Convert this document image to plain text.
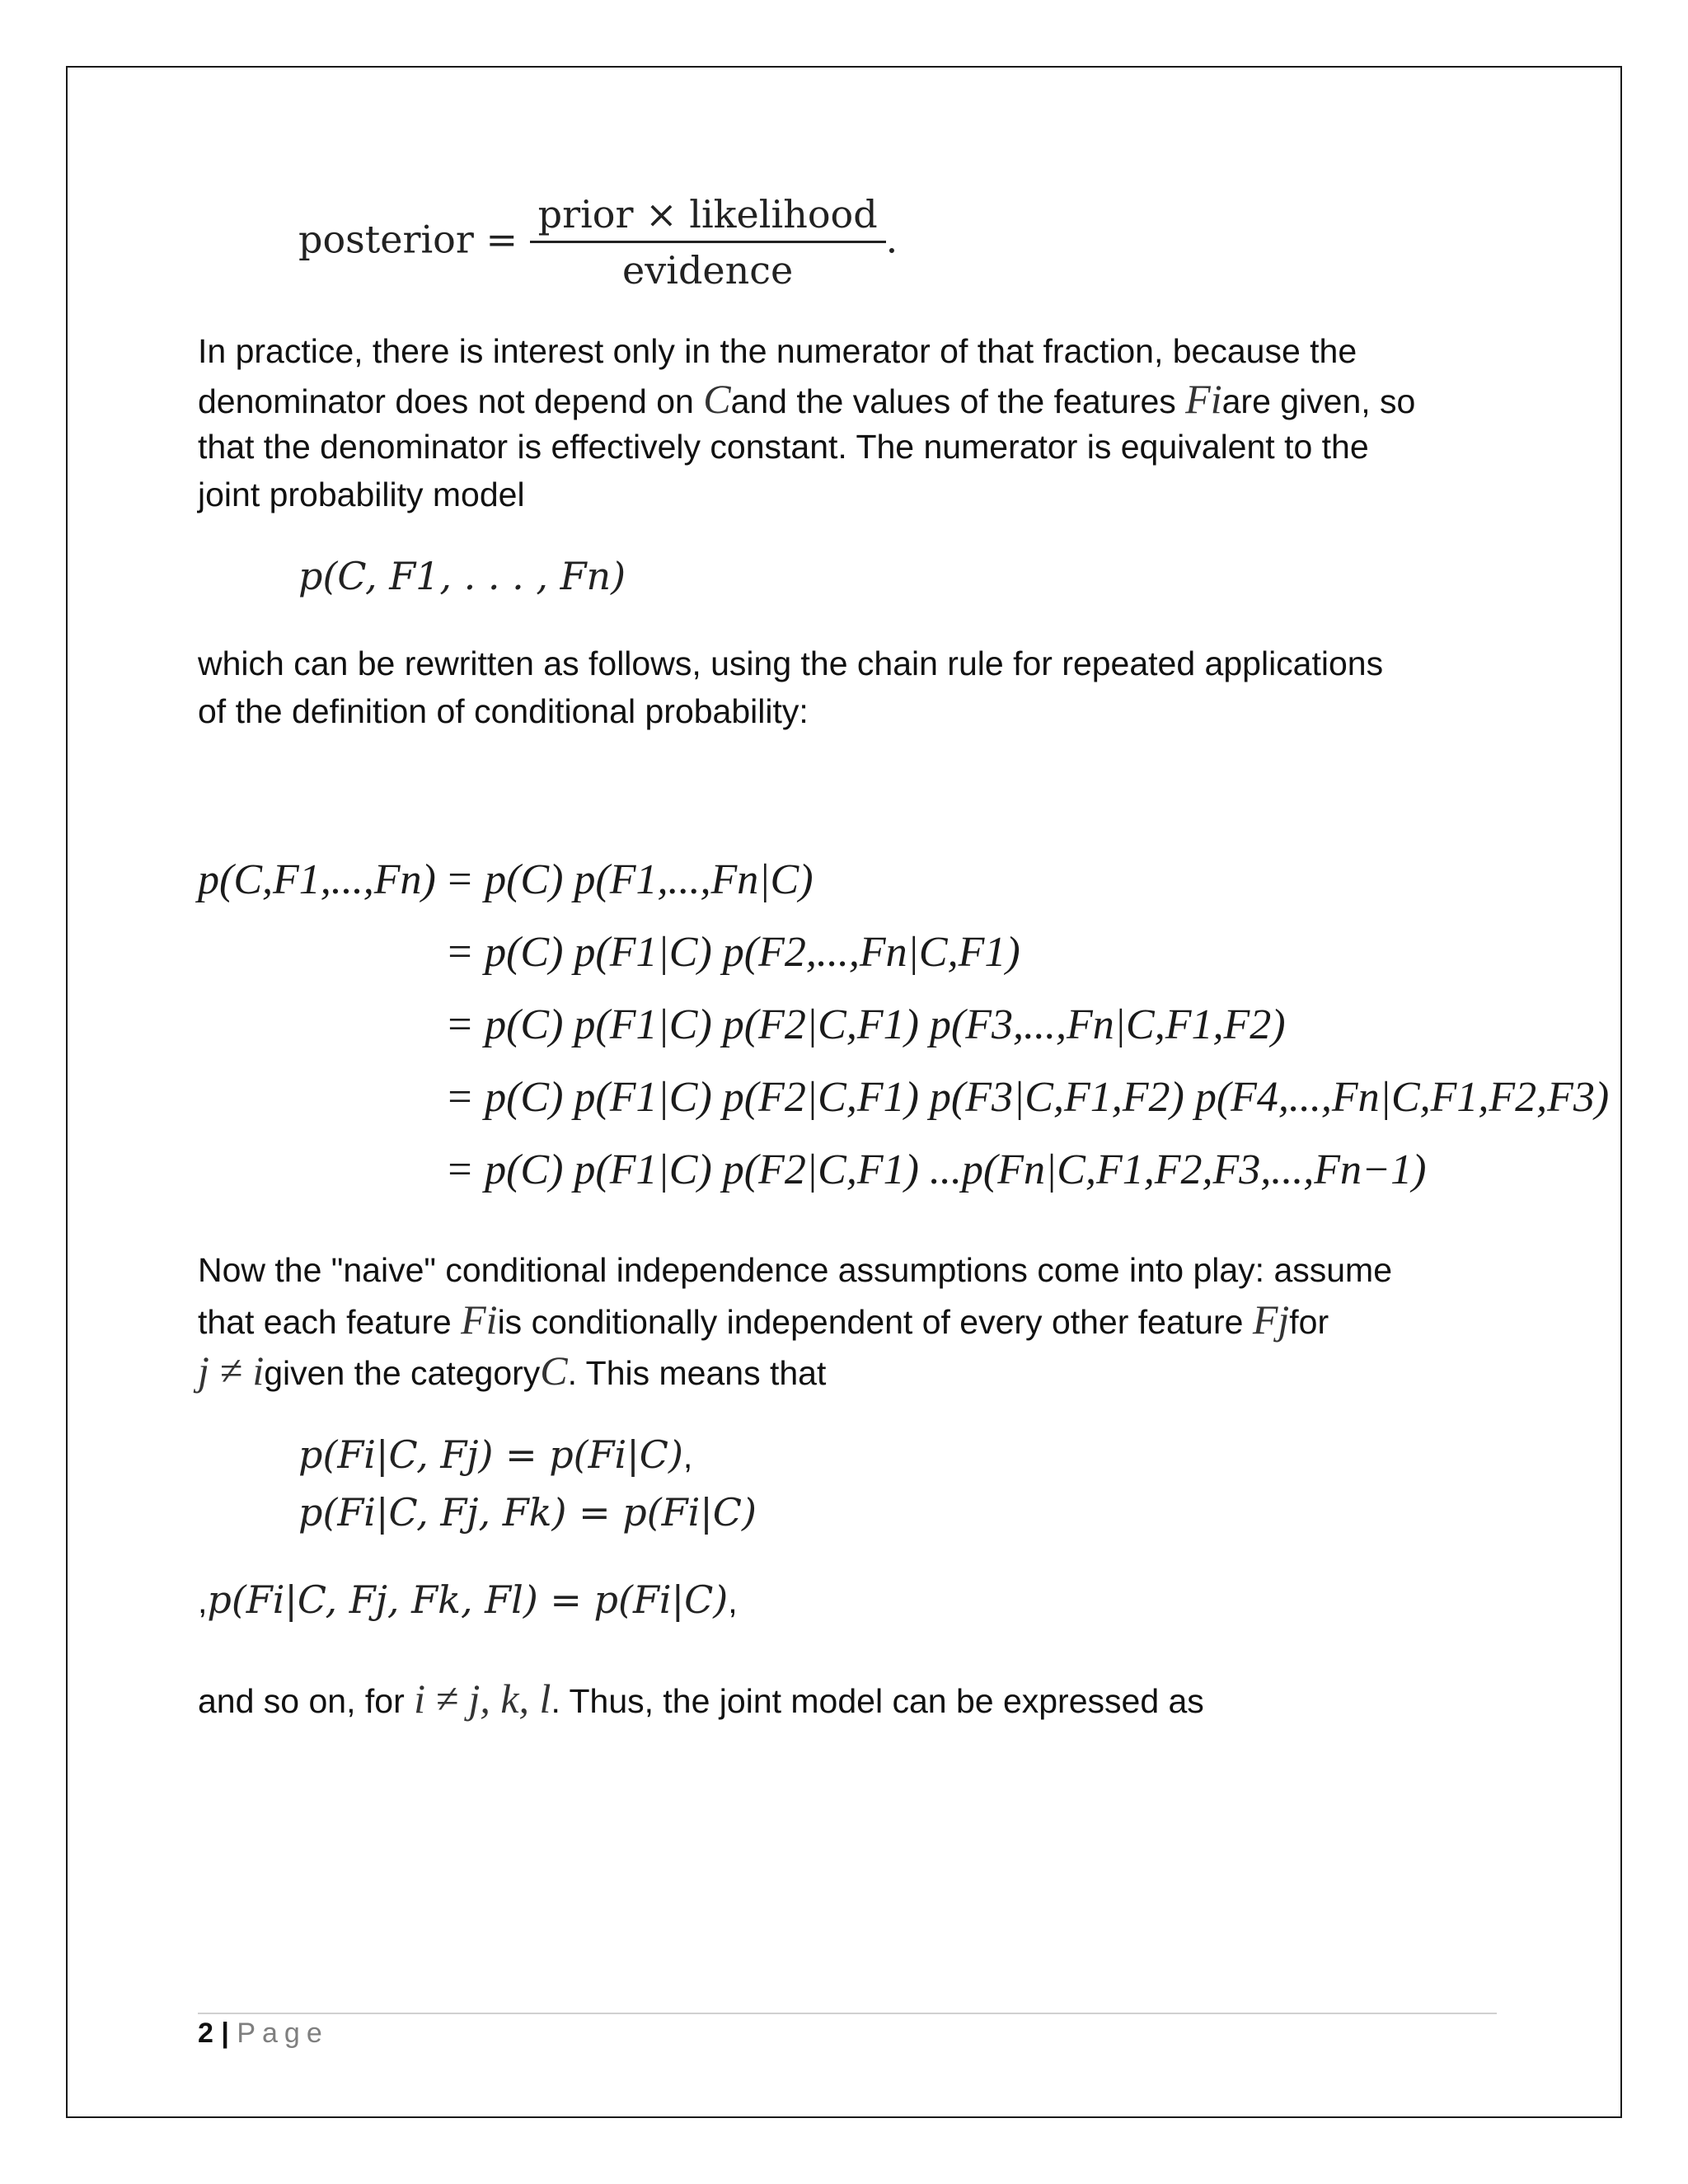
posterior = $\frac{\text{prior × likelihood}}{\text{evidence}}$ .
In practice, there is interest only in the numerator of that fraction, because the
denominator does not depend on Cand the values of the features Fiare given, so
that the denominator is effectively constant. The numerator is equivalent to the
joint probability model
p(C, F1, . . . , Fn)
which can be rewritten as follows, using the chain rule for repeated applications
of the definition of conditional probability:
p(C,F1,...,Fn) = p(C) p(F1,...,Fn|C)
= p(C) p(F1|C) p(F2,...,Fn|C,F1)
= p(C) p(F1|C) p(F2|C,F1) p(F3,...,Fn|C,F1,F2)
= p(C) p(F1|C) p(F2|C,F1) p(F3|C,F1,F2) p(F4,...,Fn|C,F1,F2,F3)
= p(C) p(F1|C) p(F2|C,F1) ...p(Fn|C,F1,F2,F3,...,Fn−1)
Now the "naive" conditional independence assumptions come into play: assume
that each feature Fiis conditionally independent of every other feature Fjfor
j ≠ igiven the categoryC. This means that
p(Fi|C, Fj) = p(Fi|C),
p(Fi|C, Fj, Fk) = p(Fi|C)
,p(Fi|C, Fj, Fk, Fl) = p(Fi|C),
and so on, for i ≠ j, k, l. Thus, the joint model can be expressed as
2 | Page
